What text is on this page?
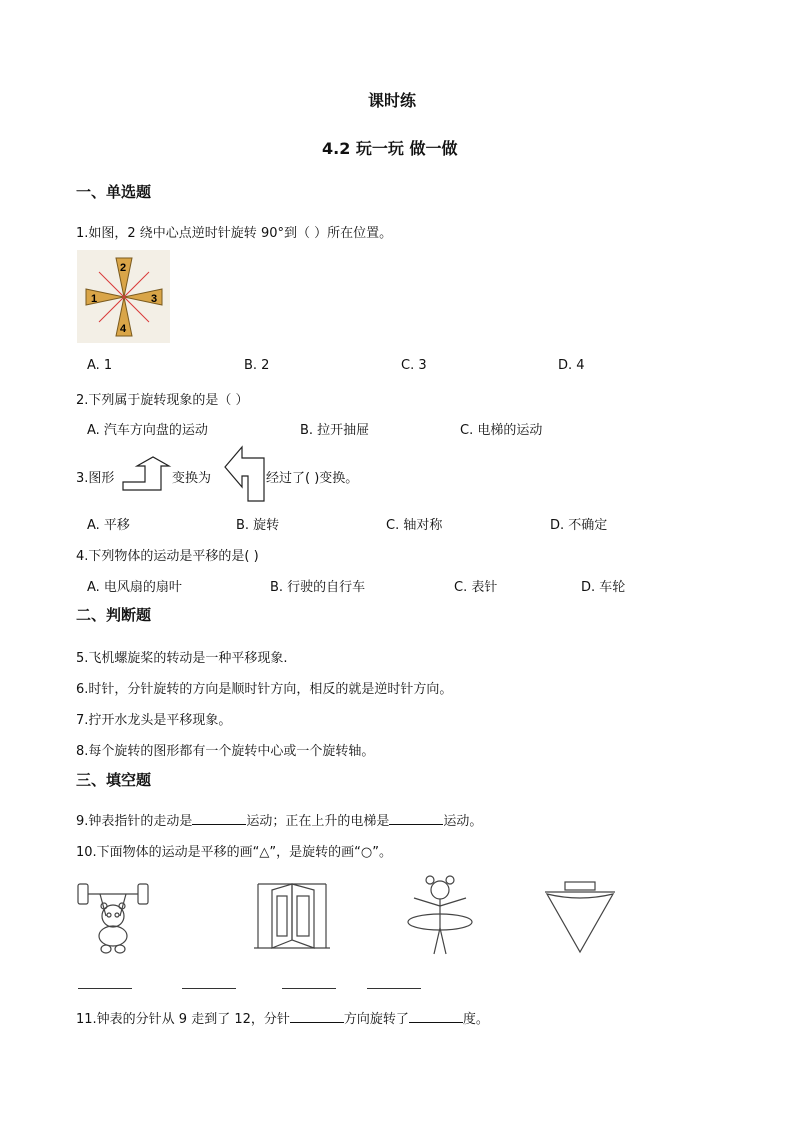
课时练
4.2 玩一玩 做一做
一、单选题
1.如图，2 绕中心点逆时针旋转 90°到（ ）所在位置。
1
2
3
4
A. 1	B. 2	C. 3	D. 4
2.下列属于旋转现象的是（ ）
A. 汽车方向盘的运动	B. 拉开抽屉	C. 电梯的运动
3.图形	变换为	经过了( )变换。
A. 平移	B. 旋转	C. 轴对称	D. 不确定
4.下列物体的运动是平移的是( )
A. 电风扇的扇叶	B. 行驶的自行车	C. 表针	D. 车轮
二、判断题
5.飞机螺旋桨的转动是一种平移现象.
6.时针，分针旋转的方向是顺时针方向，相反的就是逆时针方向。
7.拧开水龙头是平移现象。
8.每个旋转的图形都有一个旋转中心或一个旋转轴。
三、填空题
9.钟表指针的走动是	运动；正在上升的电梯是	运动。
10.下面物体的运动是平移的画“△”，是旋转的画“○”。
11.钟表的分针从 9 走到了 12，分针	方向旋转了	度。
